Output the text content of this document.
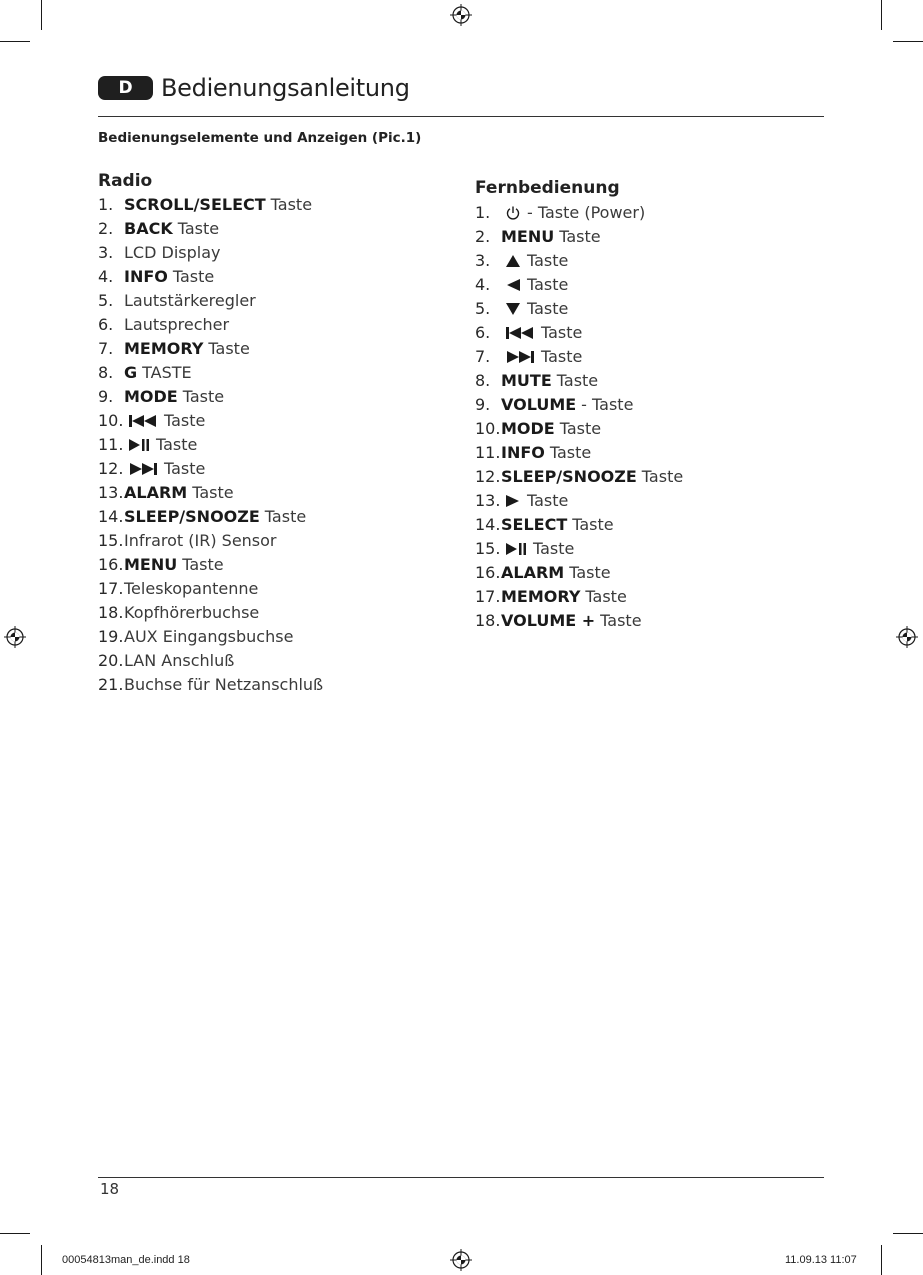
D	Bedienungsanleitung
Bedienungselemente und Anzeigen (Pic.1)
Radio
1. SCROLL/SELECT Taste
2. BACK Taste
3. LCD Display
4. INFO Taste
5. Lautstärkeregler
6. Lautsprecher
7. MEMORY Taste
8. G TASTE
9. MODE Taste
10.	Taste
11. Taste
12.	Taste
13. ALARM Taste
14. SLEEP/SNOOZE Taste
15. Infrarot (IR) Sensor
16. MENU Taste
17. Teleskopantenne
18. Kopfhörerbuchse
19. AUX Eingangsbuchse
20. LAN Anschluß
21. Buchse für Netzanschluß
Fernbedienung
1.	- Taste (Power)
2. MENU Taste
3.	Taste
4.	Taste
5.	Taste
6.	Taste
7.	Taste
8. MUTE Taste
9. VOLUME - Taste
10. MODE Taste
11. INFO Taste
12. SLEEP/SNOOZE Taste
13. Taste
14. SELECT Taste
15. Taste
16. ALARM Taste
17. MEMORY Taste
18. VOLUME + Taste
18
00054813man_de.indd 18	11.09.13 11:07
